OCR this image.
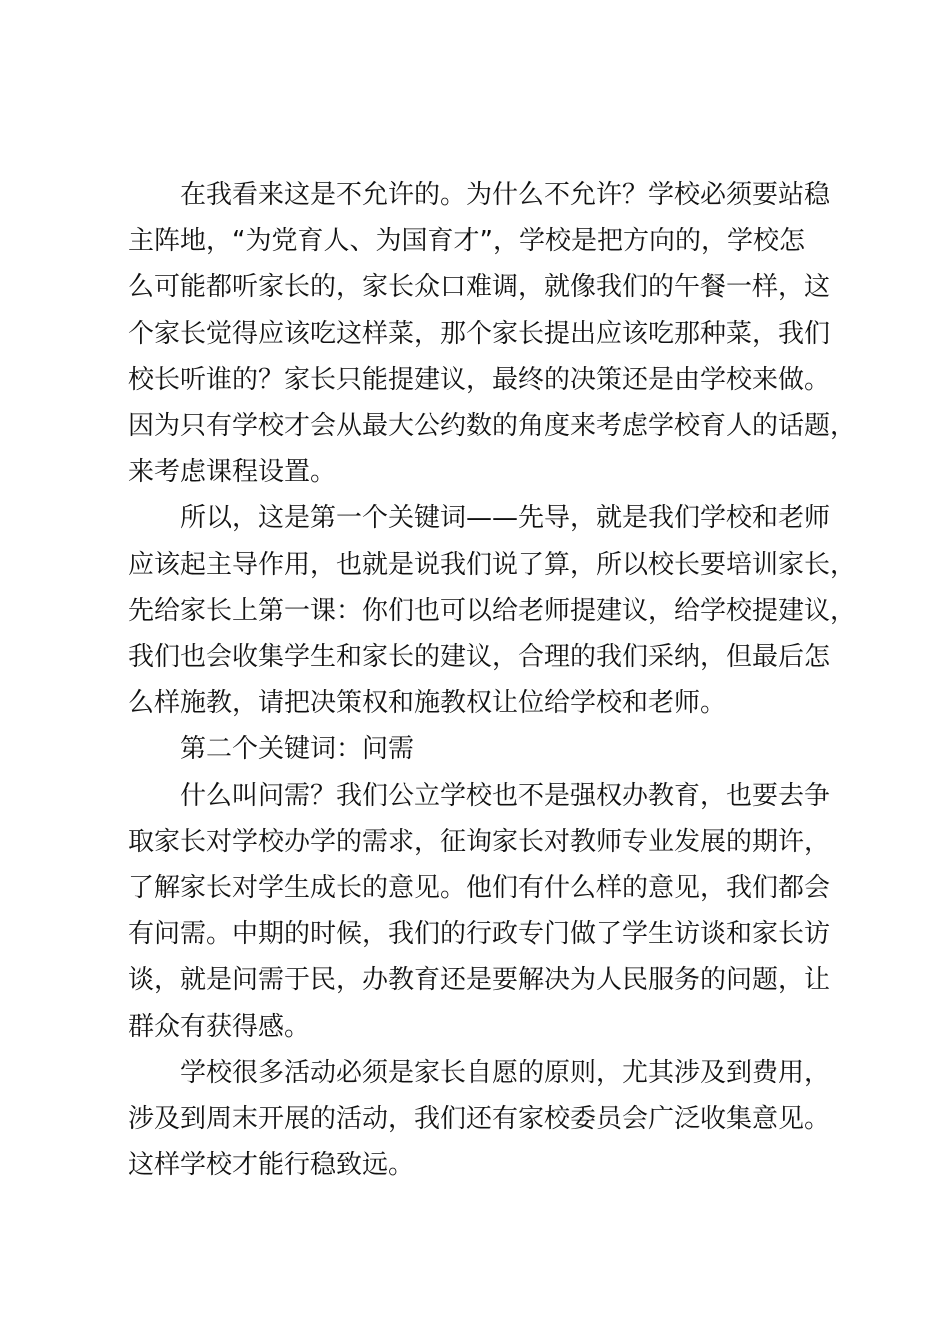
在我看来这是不允许的。为什么不允许？学校必须要站稳
主阵地，“为党育人、为国育才”，学校是把方向的，学校怎
么可能都听家长的，家长众口难调，就像我们的午餐一样，这
个家长觉得应该吃这样菜，那个家长提出应该吃那种菜，我们
校长听谁的？家长只能提建议，最终的决策还是由学校来做。
因为只有学校才会从最大公约数的角度来考虑学校育人的话题，
来考虑课程设置。

所以，这是第一个关键词——先导，就是我们学校和老师
应该起主导作用，也就是说我们说了算，所以校长要培训家长，
先给家长上第一课：你们也可以给老师提建议，给学校提建议，
我们也会收集学生和家长的建议，合理的我们采纳，但最后怎
么样施教，请把决策权和施教权让位给学校和老师。

第二个关键词：问需

什么叫问需？我们公立学校也不是强权办教育，也要去争
取家长对学校办学的需求，征询家长对教师专业发展的期许，
了解家长对学生成长的意见。他们有什么样的意见，我们都会
有问需。中期的时候，我们的行政专门做了学生访谈和家长访
谈，就是问需于民，办教育还是要解决为人民服务的问题，让
群众有获得感。

学校很多活动必须是家长自愿的原则，尤其涉及到费用，
涉及到周末开展的活动，我们还有家校委员会广泛收集意见。
这样学校才能行稳致远。
